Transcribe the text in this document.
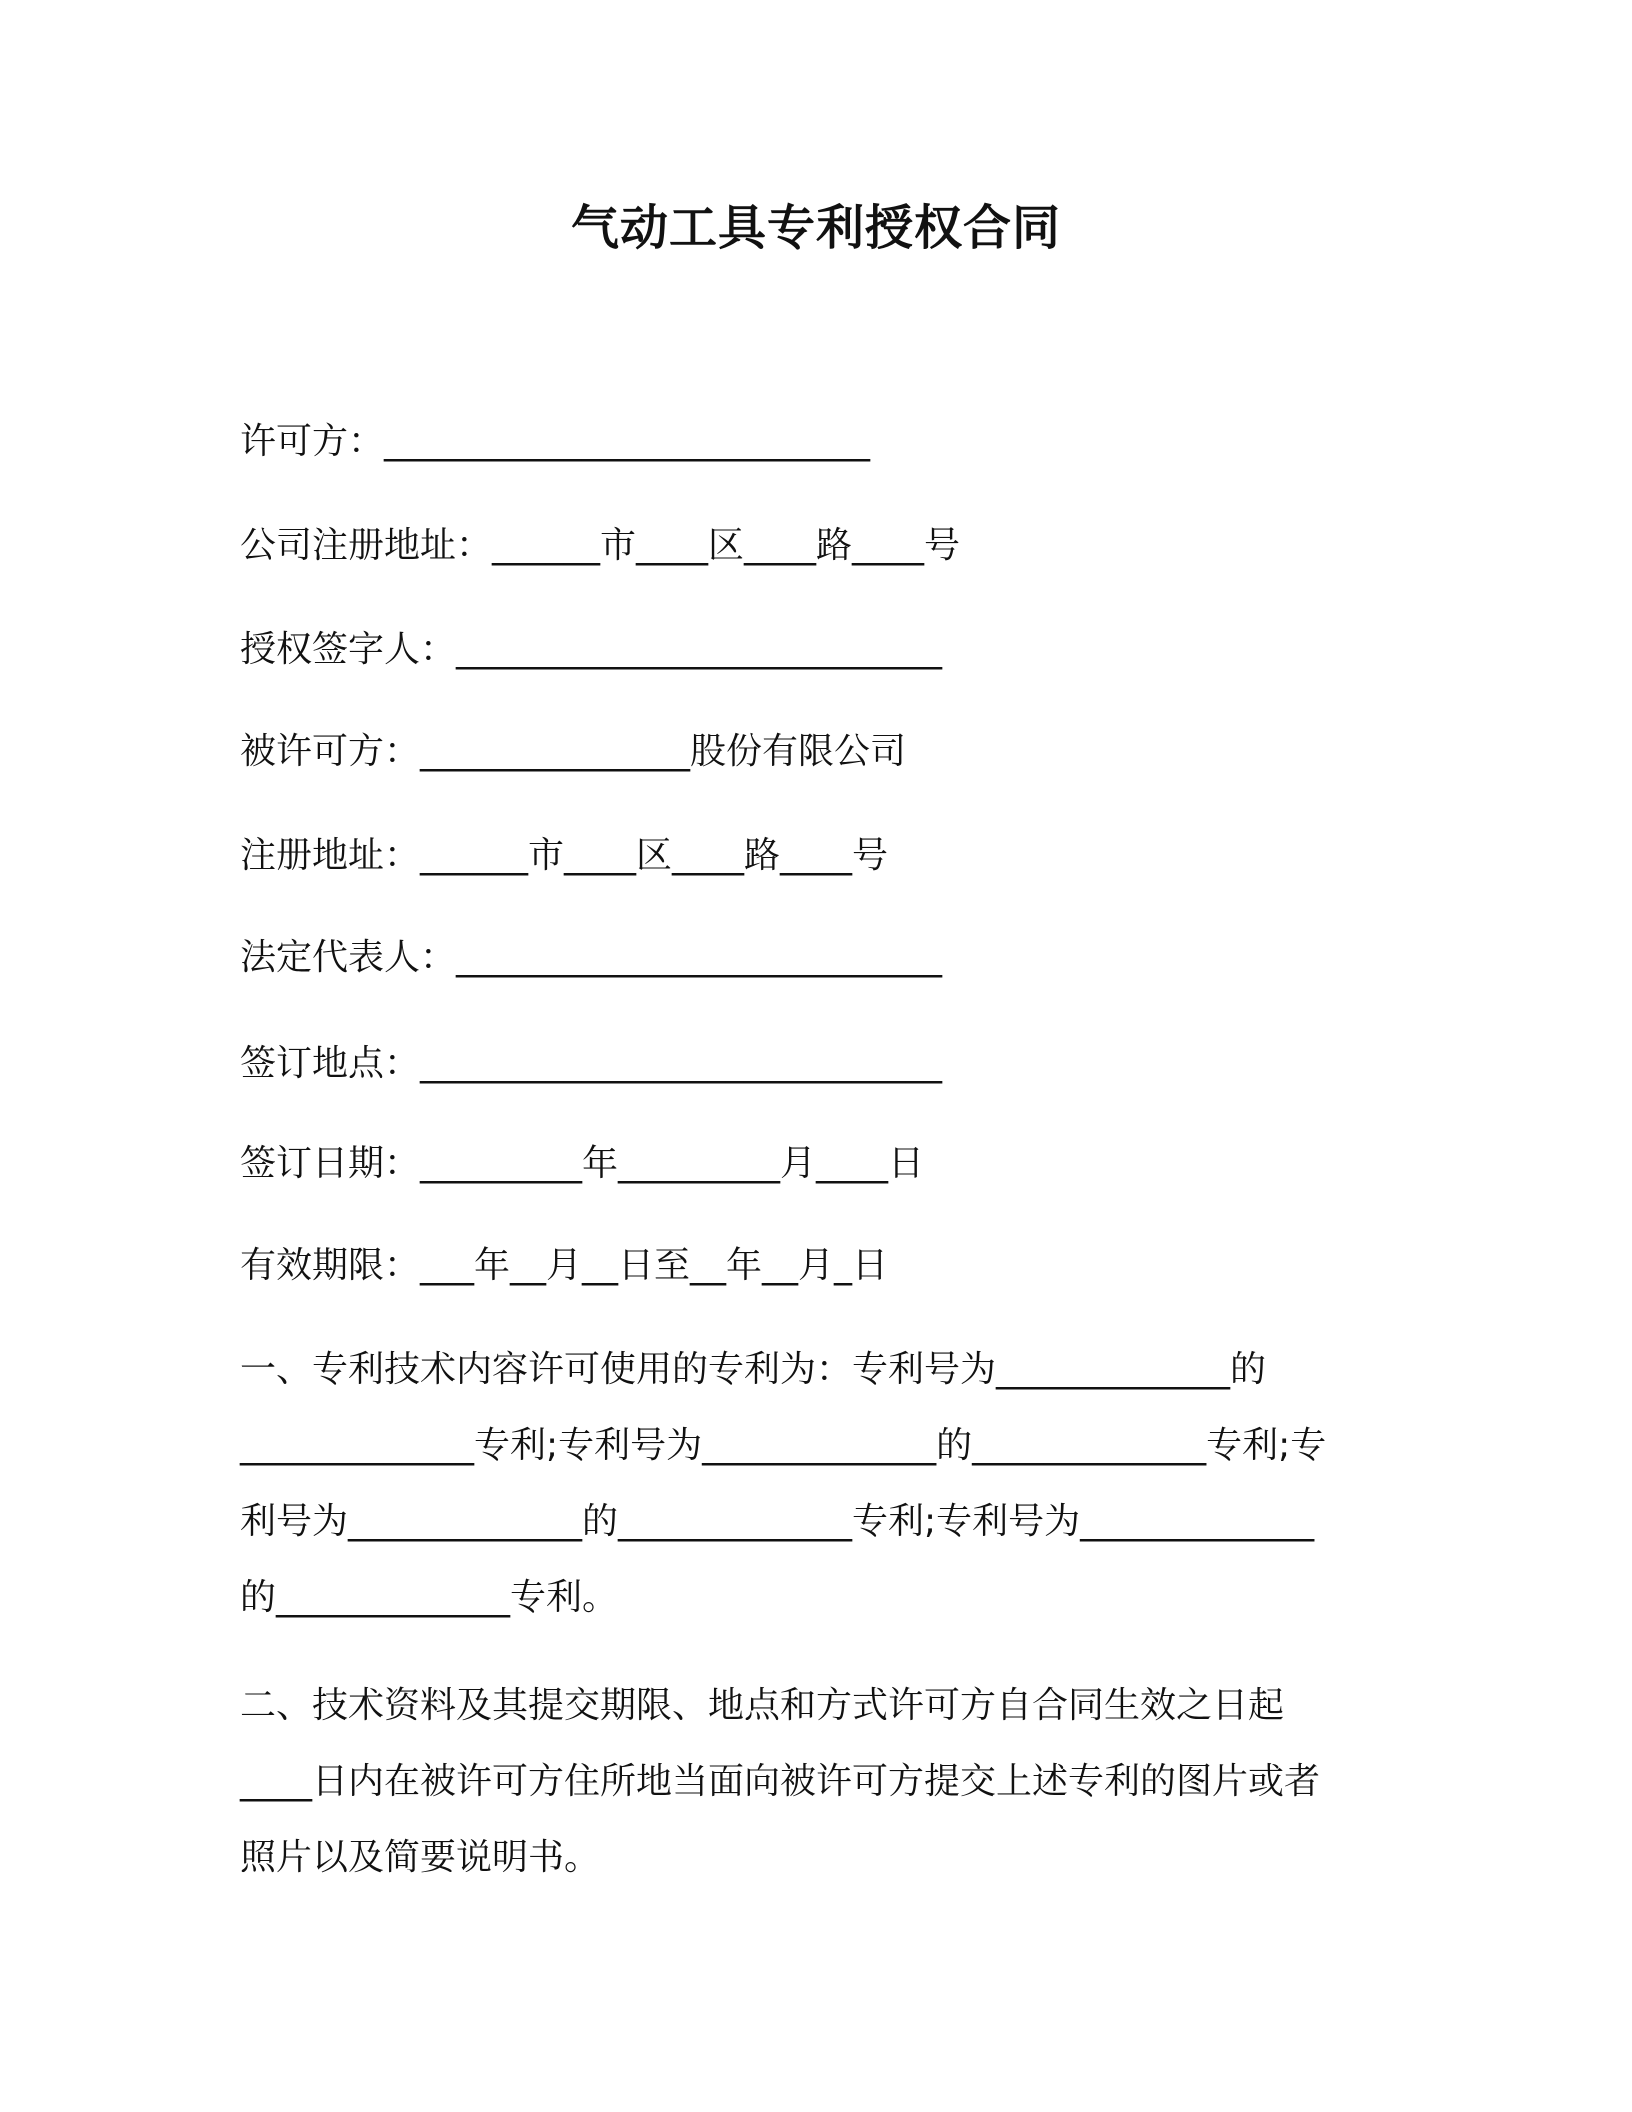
气动工具专利授权合同
许可方：___________________________
公司注册地址：______市____区____路____号
授权签字人：___________________________
被许可方：_______________股份有限公司
注册地址：______市____区____路____号
法定代表人：___________________________
签订地点：_____________________________
签订日期：_________年_________月____日
有效期限：___年__月__日至__年__月_日
一、专利技术内容许可使用的专利为：专利号为_____________的
_____________专利;专利号为_____________的_____________专利;专
利号为_____________的_____________专利;专利号为_____________
的_____________专利。
二、技术资料及其提交期限、地点和方式许可方自合同生效之日起
____日内在被许可方住所地当面向被许可方提交上述专利的图片或者
照片以及简要说明书。
